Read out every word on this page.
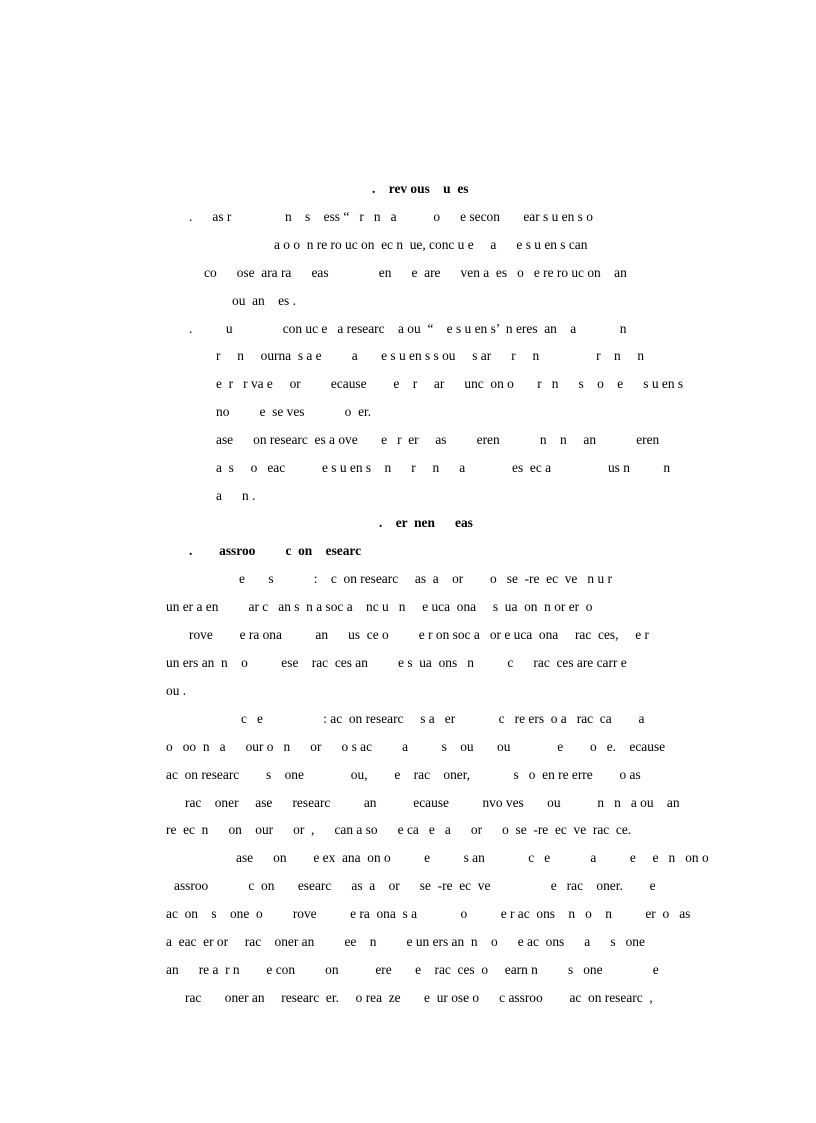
.    rev ous    u  es
.      as r                n    s    ess “   r   n   a           o      e secon       ear s u en s o
a o o  n re ro uc on  ec n  ue, conc u e     a      e s u en s can
co      ose  ara ra      eas               en      e  are      ven a  es   o   e re ro uc on    an
ou  an    es .
.          u               con uc e   a researc    a ou  “    e s u en s’  n eres  an    a             n
r     n     ourna  s a e         a       e s u en s s ou     s ar      r     n                 r    n     n
e  r   r va e     or         ecause        e    r     ar      unc  on o       r   n      s    o    e      s u en s
no         e  se ves            o  er.
ase      on researc  es a ove       e   r  er     as         eren            n    n     an            eren
a  s     o   eac           e s u en s    n      r     n      a              es  ec a                 us n          n
a      n .
.    er  nen      eas
.        assroo         c  on    esearc
e       s            :    c  on researc     as  a    or        o   se  -re  ec  ve   n u r
un er a en         ar c   an s  n a soc a    nc u   n     e uca  ona     s  ua  on  n or er  o
rove        e ra ona          an      us  ce o         e r on soc a   or e uca  ona     rac  ces,     e r
un ers an  n    o          ese    rac  ces an         e s  ua  ons   n          c      rac  ces are carr e
ou .
c   e                  : ac  on researc     s a   er             c   re ers  o a   rac  ca        a
o   oo  n   a      our o   n      or      o s ac         a          s    ou       ou              e        o   e.    ecause
ac  on researc        s    one              ou,        e    rac    oner,             s   o  en re erre        o as
rac    oner     ase      researc          an           ecause          nvo ves       ou           n   n   a ou    an
re  ec  n      on    our      or  ,      can a so      e ca   e   a      or      o  se  -re  ec  ve  rac  ce.
ase      on        e ex  ana  on o          e          s an             c   e            a          e     e   n   on o
assroo            c  on       esearc      as  a    or      se  -re  ec  ve                  e   rac    oner.        e
ac  on    s    one  o         rove          e ra  ona  s a             o          e r ac  ons    n   o    n          er  o   as
a  eac  er or     rac    oner an         ee    n         e un ers an  n    o      e ac  ons      a      s   one
an      re a  r n        e con         on           ere       e    rac  ces  o     earn n         s   one               e
rac       oner an     researc  er.     o rea  ze       e  ur ose o      c assroo        ac  on researc  ,
